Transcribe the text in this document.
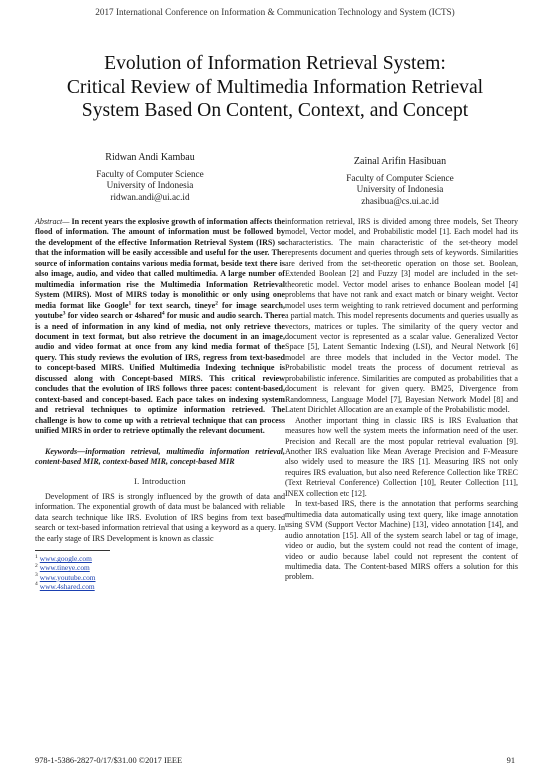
2017 International Conference on Information & Communication Technology and System (ICTS)
Evolution of Information Retrieval System:
Critical Review of Multimedia Information Retrieval
System Based On Content, Context, and Concept
Ridwan Andi Kambau
Faculty of Computer Science
University of Indonesia
ridwan.andi@ui.ac.id
Zainal Arifin Hasibuan
Faculty of Computer Science
University of Indonesia
zhasibua@cs.ui.ac.id

Abstract— In recent years the explosive growth of information affects the flood of information. The amount of information must be followed by the development of the effective Information Retrieval System (IRS) so that the information will be easily accessible and useful for the user. The source of information contains various media format, beside text there is also image, audio, and video that called multimedia. A large number of multimedia information rise the Multimedia Information Retrieval System (MIRS). Most of MIRS today is monolithic or only using one media format like Google$^1$ for text search, tineye$^2$ for image search, youtube$^3$ for video search or 4shared$^4$ for music and audio search. There is a need of information in any kind of media, not only retrieve the document in text format, but also retrieve the document in an image, audio and video format at once from any kind media format of the query. This study reviews the evolution of IRS, regress from text-based to concept-based MIRS. Unified Multimedia Indexing technique is discussed along with Concept-based MIRS. This critical review concludes that the evolution of IRS follows three paces: content-based, context-based and concept-based. Each pace takes on indexing system and retrieval techniques to optimize information retrieved. The challenge is how to come up with a retrieval technique that can process unified MIRS in order to retrieve optimally the relevant document.

Keywords—information retrieval, multimedia information retrieval, content-based MIR, context-based MIR, concept-based MIR

I. Introduction

Development of IRS is strongly influenced by the growth of data and information. The exponential growth of data must be balanced with reliable data search technique like IRS. Evolution of IRS begins from text based search or text-based information retrieval that using a keyword as a query. In the early stage of IRS Development is known as classic

$^1$ www.google.com
$^2$ www.tineye.com
$^3$ www.youtube.com
$^4$ www.4shared.com

information retrieval, IRS is divided among three models, Set Theory model, Vector model, and Probabilistic model [1]. Each model had its characteristics. The main characteristic of the set-theory model represents document and queries through sets of keywords. Similarities are derived from the set-theoretic operation on those set. Boolean, Extended Boolean [2] and Fuzzy [3] model are included in the set-theoretic model. Vector model arises to enhance Boolean model [4] problems that have not rank and exact match or binary weight. Vector model uses term weighting to rank retrieved document and performing a partial match. This model represents documents and queries usually as vectors, matrices or tuples. The similarity of the query vector and document vector is represented as a scalar value. Generalized Vector Space [5], Latent Semantic Indexing (LSI), and Neural Network [6] model are three models that included in the Vector model. The Probabilistic model treats the process of document retrieval as probabilistic inference. Similarities are computed as probabilities that a document is relevant for given query. BM25, Divergence from Randomness, Language Model [7], Bayesian Network Model [8] and Latent Dirichlet Allocation are an example of the Probabilistic model.

Another important thing in classic IRS is IRS Evaluation that measures how well the system meets the information need of the user. Precision and Recall are the most popular retrieval evaluation [9]. Another IRS evaluation like Mean Average Precision and F-Measure also widely used to measure the IRS [1]. Measuring IRS not only requires IRS evaluation, but also need Reference Collection like TREC (Text Retrieval Conference) Collection [10], Reuter Collection [11], INEX collection etc [12].

In text-based IRS, there is the annotation that performs searching multimedia data automatically using text query, like image annotation using SVM (Support Vector Machine) [13], video annotation [14], and audio annotation [15]. All of the system search label or tag of image, video or audio, but the system could not read the content of image, video or audio because label could not represent the content of multimedia data. The Content-based MIRS offers a solution for this problem.

978-1-5386-2827-0/17/$31.00 ©2017 IEEE	91
